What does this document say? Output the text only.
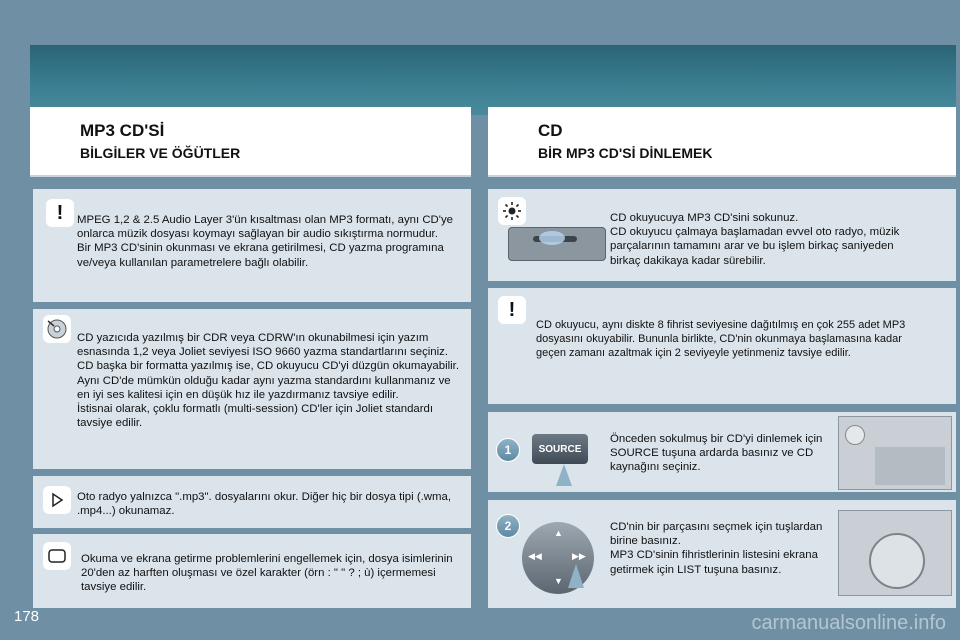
MP3 CD'Sİ
BİLGİLER VE ÖĞÜTLER
CD
BİR MP3 CD'Sİ DİNLEMEK
! MPEG 1,2 & 2.5 Audio Layer 3'ün kısaltması olan MP3 formatı, aynı CD'ye onlarca müzik dosyası koymayı sağlayan bir audio sıkıştırma normudur.
Bir MP3 CD'sinin okunması ve ekrana getirilmesi, CD yazma programına ve/veya kullanılan parametrelere bağlı olabilir.
CD yazıcıda yazılmış bir CDR veya CDRW'ın okunabilmesi için yazım esnasında 1,2 veya Joliet seviyesi ISO 9660 yazma standartlarını seçiniz. CD başka bir formatta yazılmış ise, CD okuyucu CD'yi düzgün okumayabilir.
Aynı CD'de mümkün olduğu kadar aynı yazma standardını kullanmanız ve en iyi ses kalitesi için en düşük hız ile yazdırmanız tavsiye edilir.
İstisnai olarak, çoklu formatlı (multi-session) CD'ler için Joliet standardı tavsiye edilir.
Oto radyo yalnızca ".mp3". dosyalarını okur. Diğer hiç bir dosya tipi (.wma, .mp4...) okunamaz.
Okuma ve ekrana getirme problemlerini engellemek için, dosya isimlerinin 20'den az harften oluşması ve özel karakter (örn : " " ? ; ù) içermemesi tavsiye edilir.
CD okuyucuya MP3 CD'sini sokunuz.
CD okuyucu çalmaya başlamadan evvel oto radyo, müzik parçalarının tamamını arar ve bu işlem birkaç saniyeden birkaç dakikaya kadar sürebilir.
!
CD okuyucu, aynı diskte 8 fihrist seviyesine dağıtılmış en çok 255 adet MP3 dosyasını okuyabilir. Bununla birlikte, CD'nin okunmaya başlamasına kadar geçen zamanı azaltmak için 2 seviyeyle yetinmeniz tavsiye edilir.
1	SOURCE
Önceden sokulmuş bir CD'yi dinlemek için SOURCE tuşuna ardarda basınız ve CD kaynağını seçiniz.
2	▲
▼
◀◀	▶▶
CD'nin bir parçasını seçmek için tuşlardan birine basınız.
MP3 CD'sinin fihristlerinin listesini ekrana getirmek için LIST tuşuna basınız.
178	carmanualsonline.info
